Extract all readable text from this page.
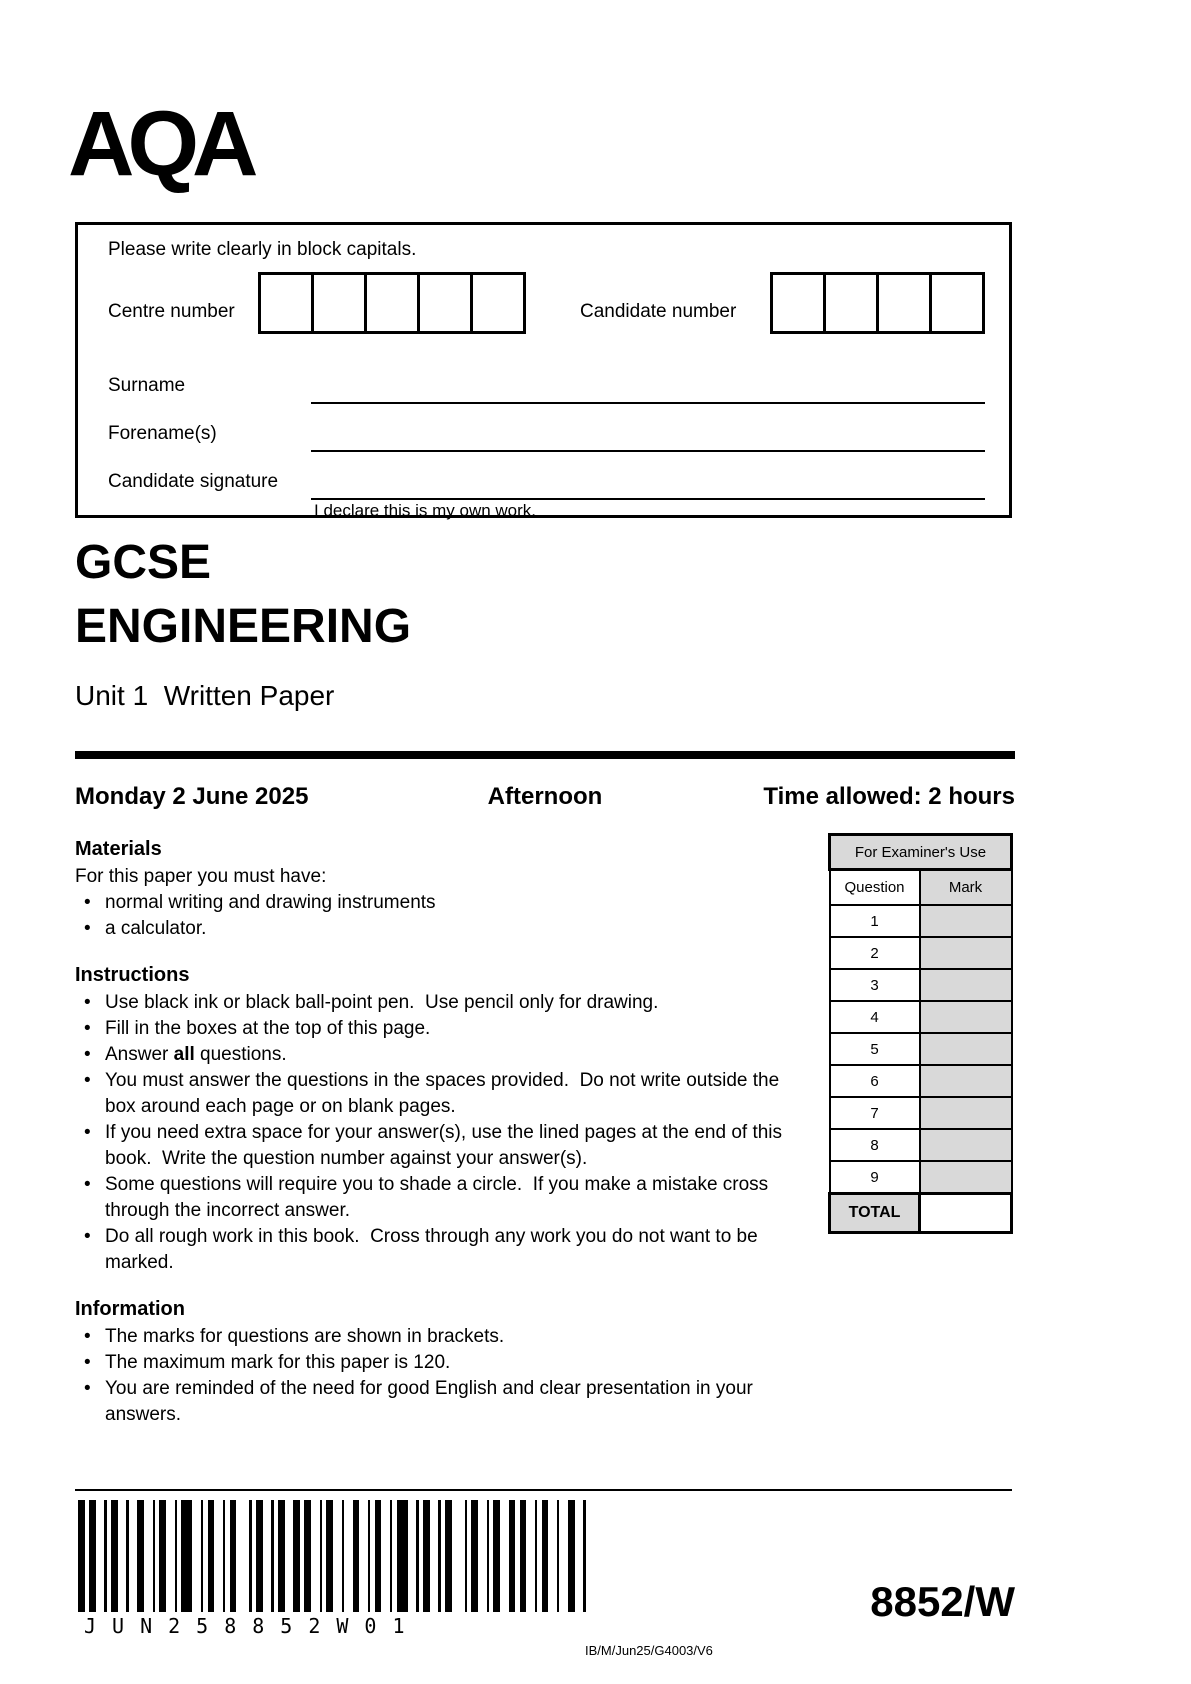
AQA
Please write clearly in block capitals.
Centre number	Candidate number
Surname
Forename(s)
Candidate signature
I declare this is my own work.
GCSE
ENGINEERING
Unit 1  Written Paper
Monday 2 June 2025	Afternoon	Time allowed: 2 hours

Materials

For this paper you must have:

• normal writing and drawing instruments
• a calculator.

Instructions

• Use black ink or black ball-point pen.  Use pencil only for drawing.
• Fill in the boxes at the top of this page.
• Answer all questions.
• You must answer the questions in the spaces provided.  Do not write outside the box around each page or on blank pages.
• If you need extra space for your answer(s), use the lined pages at the end of this book.  Write the question number against your answer(s).
• Some questions will require you to shade a circle.  If you make a mistake cross through the incorrect answer.
• Do all rough work in this book.  Cross through any work you do not want to be marked.

Information

• The marks for questions are shown in brackets.
• The maximum mark for this paper is 120.
• You are reminded of the need for good English and clear presentation in your answers.
For Examiner's Use	
Question	Mark
1	
2	
3	
4	
5	
6	
7	
8	
9	
TOTAL	
JUN258852W01
IB/M/Jun25/G4003/V6
8852/W
